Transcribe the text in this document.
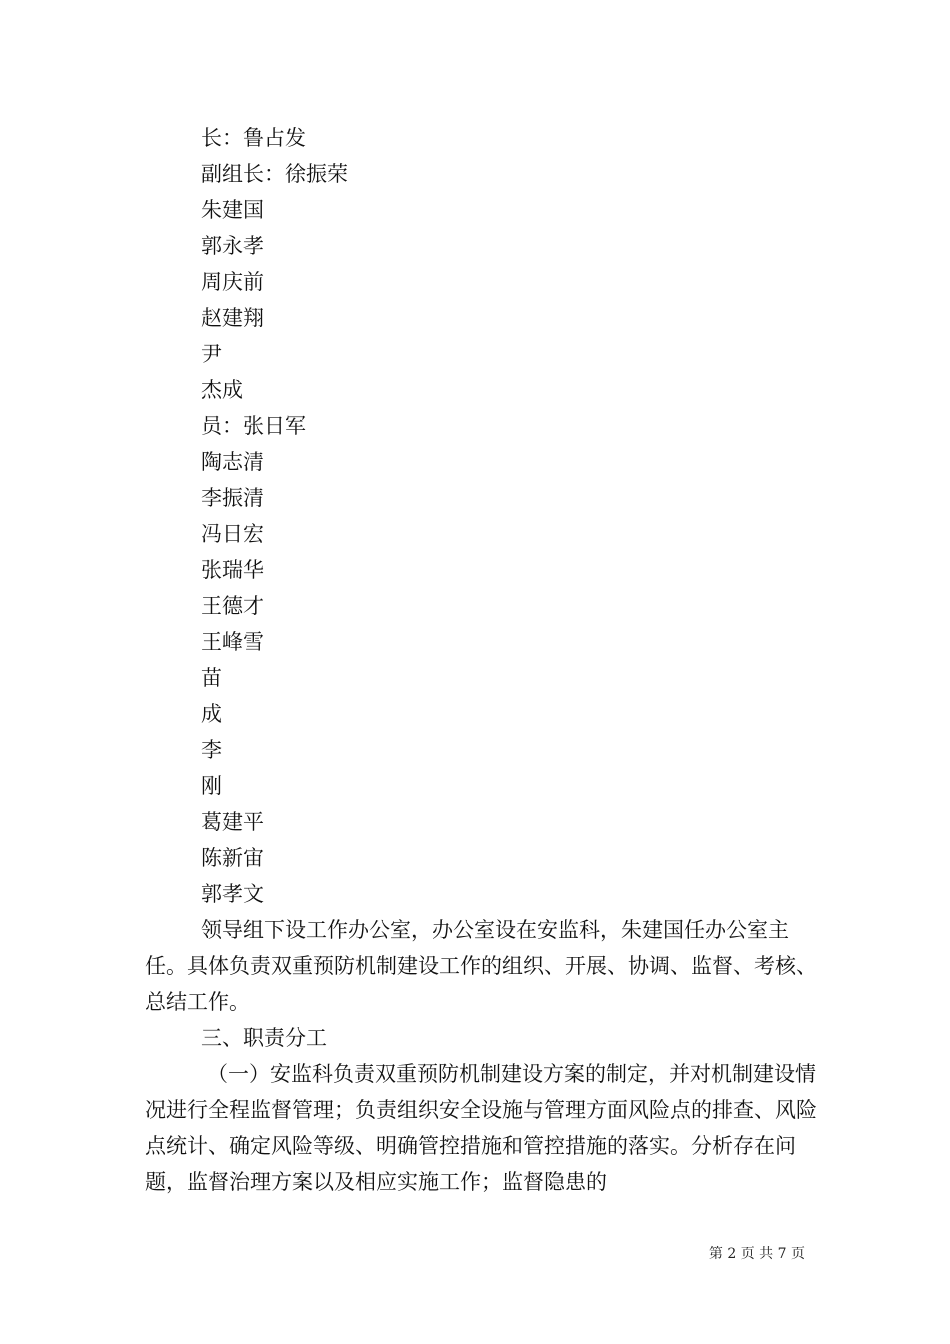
长：鲁占发
副组长：徐振荣
朱建国
郭永孝
周庆前
赵建翔
尹
杰成
员：张日军
陶志清
李振清
冯日宏
张瑞华
王德才
王峰雪
苗
成
李
刚
葛建平
陈新宙
郭孝文

领导组下设工作办公室，办公室设在安监科，朱建国任办公室主任。具体负责双重预防机制建设工作的组织、开展、协调、监督、考核、总结工作。

三、职责分工

（一）安监科负责双重预防机制建设方案的制定，并对机制建设情况进行全程监督管理；负责组织安全设施与管理方面风险点的排查、风险点统计、确定风险等级、明确管控措施和管控措施的落实。分析存在问题，监督治理方案以及相应实施工作；监督隐患的

第 2 页 共 7 页
